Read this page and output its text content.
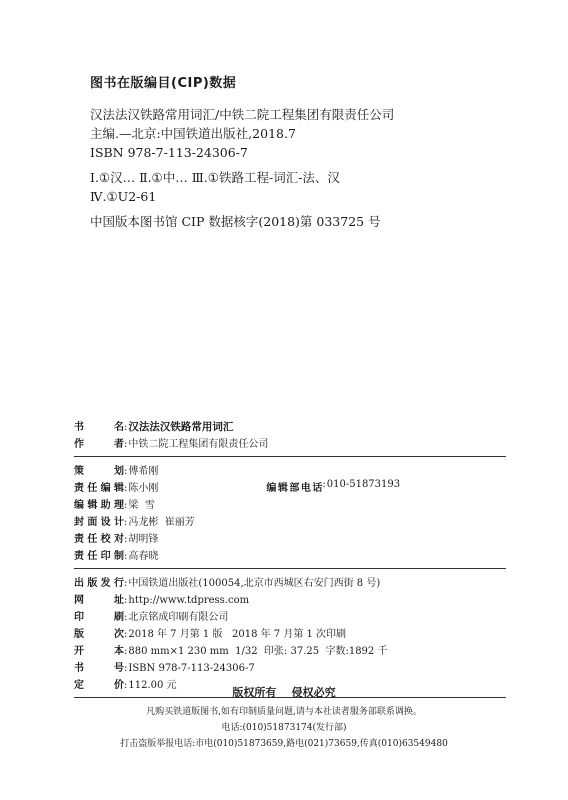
图书在版编目(CIP)数据
汉法法汉铁路常用词汇/中铁二院工程集团有限责任公司
主编.—北京:中国铁道出版社,2018.7
ISBN 978-7-113-24306-7
Ⅰ.①汉… Ⅱ.①中… Ⅲ.①铁路工程-词汇-法、汉
Ⅳ.①U2-61
中国版本图书馆 CIP 数据核字(2018)第 033725 号
书名 : 汉法法汉铁路常用词汇
作者 : 中铁二院工程集团有限责任公司
策划 : 傅希刚
责任编辑 : 陈小刚	编辑部电话 : 010-51873193
编辑助理 : 梁  雪
封面设计 : 冯龙彬  崔丽芳
责任校对 : 胡明锋
责任印制 : 高春晓
出版发行 : 中国铁道出版社(100054,北京市西城区右安门西街 8 号)
网址 : http://www.tdpress.com
印刷 : 北京铭成印刷有限公司
版次 : 2018 年 7 月第 1 版   2018 年 7 月第 1 次印刷
开本 : 880 mm×1 230 mm  1/32  印张: 37.25  字数:1892 千
书号 : ISBN 978-7-113-24306-7
定价 : 112.00 元
版权所有    侵权必究
凡购买铁道版图书,如有印制质量问题,请与本社读者服务部联系调换。
电话:(010)51873174(发行部)
打击盗版举报电话:市电(010)51873659,路电(021)73659,传真(010)63549480
